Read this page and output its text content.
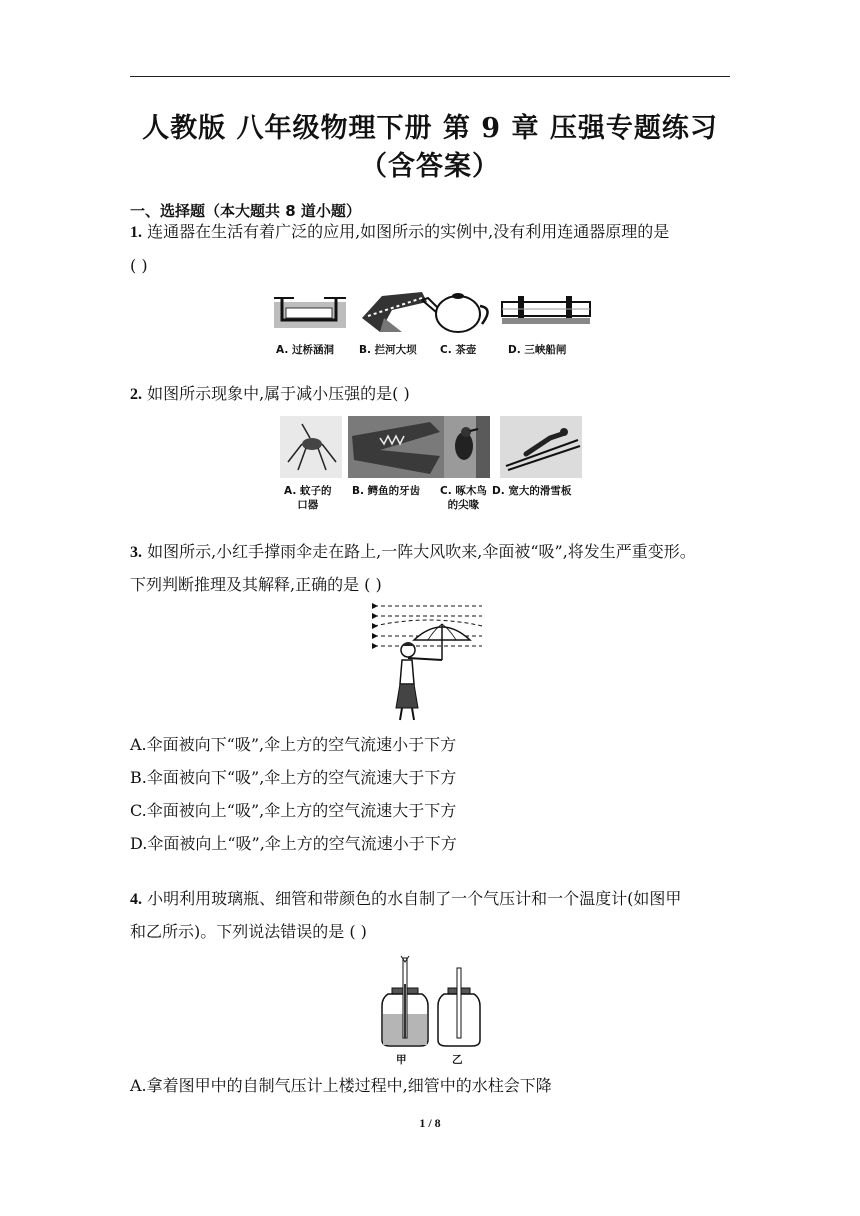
人教版 八年级物理下册 第 9 章 压强专题练习
（含答案）
一、选择题（本大题共 8 道小题）
1. 连通器在生活有着广泛的应用,如图所示的实例中,没有利用连通器原理的是
( )
A. 过桥涵洞 B. 拦河大坝 C. 茶壶	D. 三峡船闸
2. 如图所示现象中,属于减小压强的是( )
A. 蚊子的
口器
B. 鳄鱼的牙齿 C. 啄木鸟
的尖喙
D. 宽大的滑雪板
3. 如图所示,小红手撑雨伞走在路上,一阵大风吹来,伞面被“吸”,将发生严重变形。
下列判断推理及其解释,正确的是 ( )
A.伞面被向下“吸”,伞上方的空气流速小于下方
B.伞面被向下“吸”,伞上方的空气流速大于下方
C.伞面被向上“吸”,伞上方的空气流速大于下方
D.伞面被向上“吸”,伞上方的空气流速小于下方
4. 小明利用玻璃瓶、细管和带颜色的水自制了一个气压计和一个温度计(如图甲
和乙所示)。下列说法错误的是 ( )
甲	乙
A.拿着图甲中的自制气压计上楼过程中,细管中的水柱会下降
1 / 8
